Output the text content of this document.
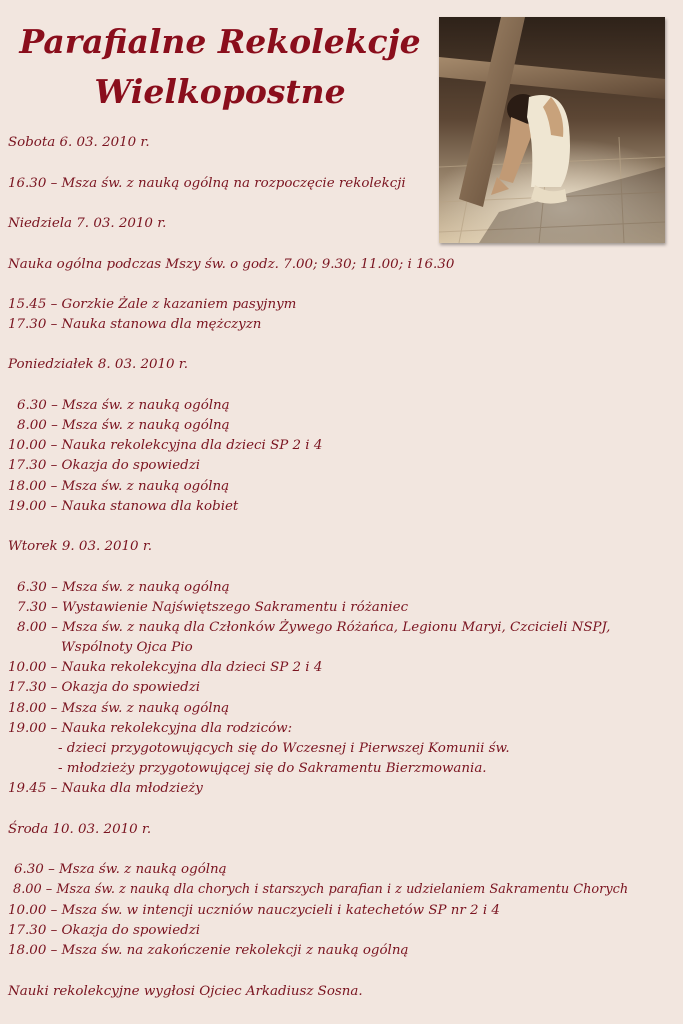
Parafialne Rekolekcje
Wielkopostne
Sobota 6. 03. 2010 r.
16.30 – Msza św. z nauką ogólną na rozpoczęcie rekolekcji
Niedziela 7. 03. 2010 r.
Nauka ogólna podczas Mszy św. o godz. 7.00; 9.30; 11.00; i 16.30
15.45 – Gorzkie Żale z kazaniem pasyjnym
17.30 – Nauka stanowa dla mężczyzn
Poniedziałek 8. 03. 2010 r.
6.30 – Msza św. z nauką ogólną
8.00 – Msza św. z nauką ogólną
10.00 – Nauka rekolekcyjna dla dzieci SP 2 i 4
17.30 – Okazja do spowiedzi
18.00 – Msza św. z nauką ogólną
19.00 – Nauka stanowa dla kobiet
Wtorek 9. 03. 2010 r.
6.30 – Msza św. z nauką ogólną
7.30 – Wystawienie Najświętszego Sakramentu i różaniec
8.00 – Msza św. z nauką dla Członków Żywego Różańca, Legionu Maryi, Czcicieli NSPJ,
Wspólnoty Ojca Pio
10.00 – Nauka rekolekcyjna dla dzieci SP 2 i 4
17.30 – Okazja do spowiedzi
18.00 – Msza św. z nauką ogólną
19.00 – Nauka rekolekcyjna dla rodziców:
- dzieci przygotowujących się do Wczesnej i Pierwszej Komunii św.
- młodzieży przygotowującej się do Sakramentu Bierzmowania.
19.45 – Nauka dla młodzieży
Środa 10. 03. 2010 r.
6.30 – Msza św. z nauką ogólną
8.00 – Msza św. z nauką dla chorych i starszych parafian i z udzielaniem Sakramentu Chorych
10.00 – Msza św. w intencji uczniów nauczycieli i katechetów SP nr 2 i 4
17.30 – Okazja do spowiedzi
18.00 – Msza św. na zakończenie rekolekcji z nauką ogólną
Nauki rekolekcyjne wygłosi Ojciec Arkadiusz Sosna.
